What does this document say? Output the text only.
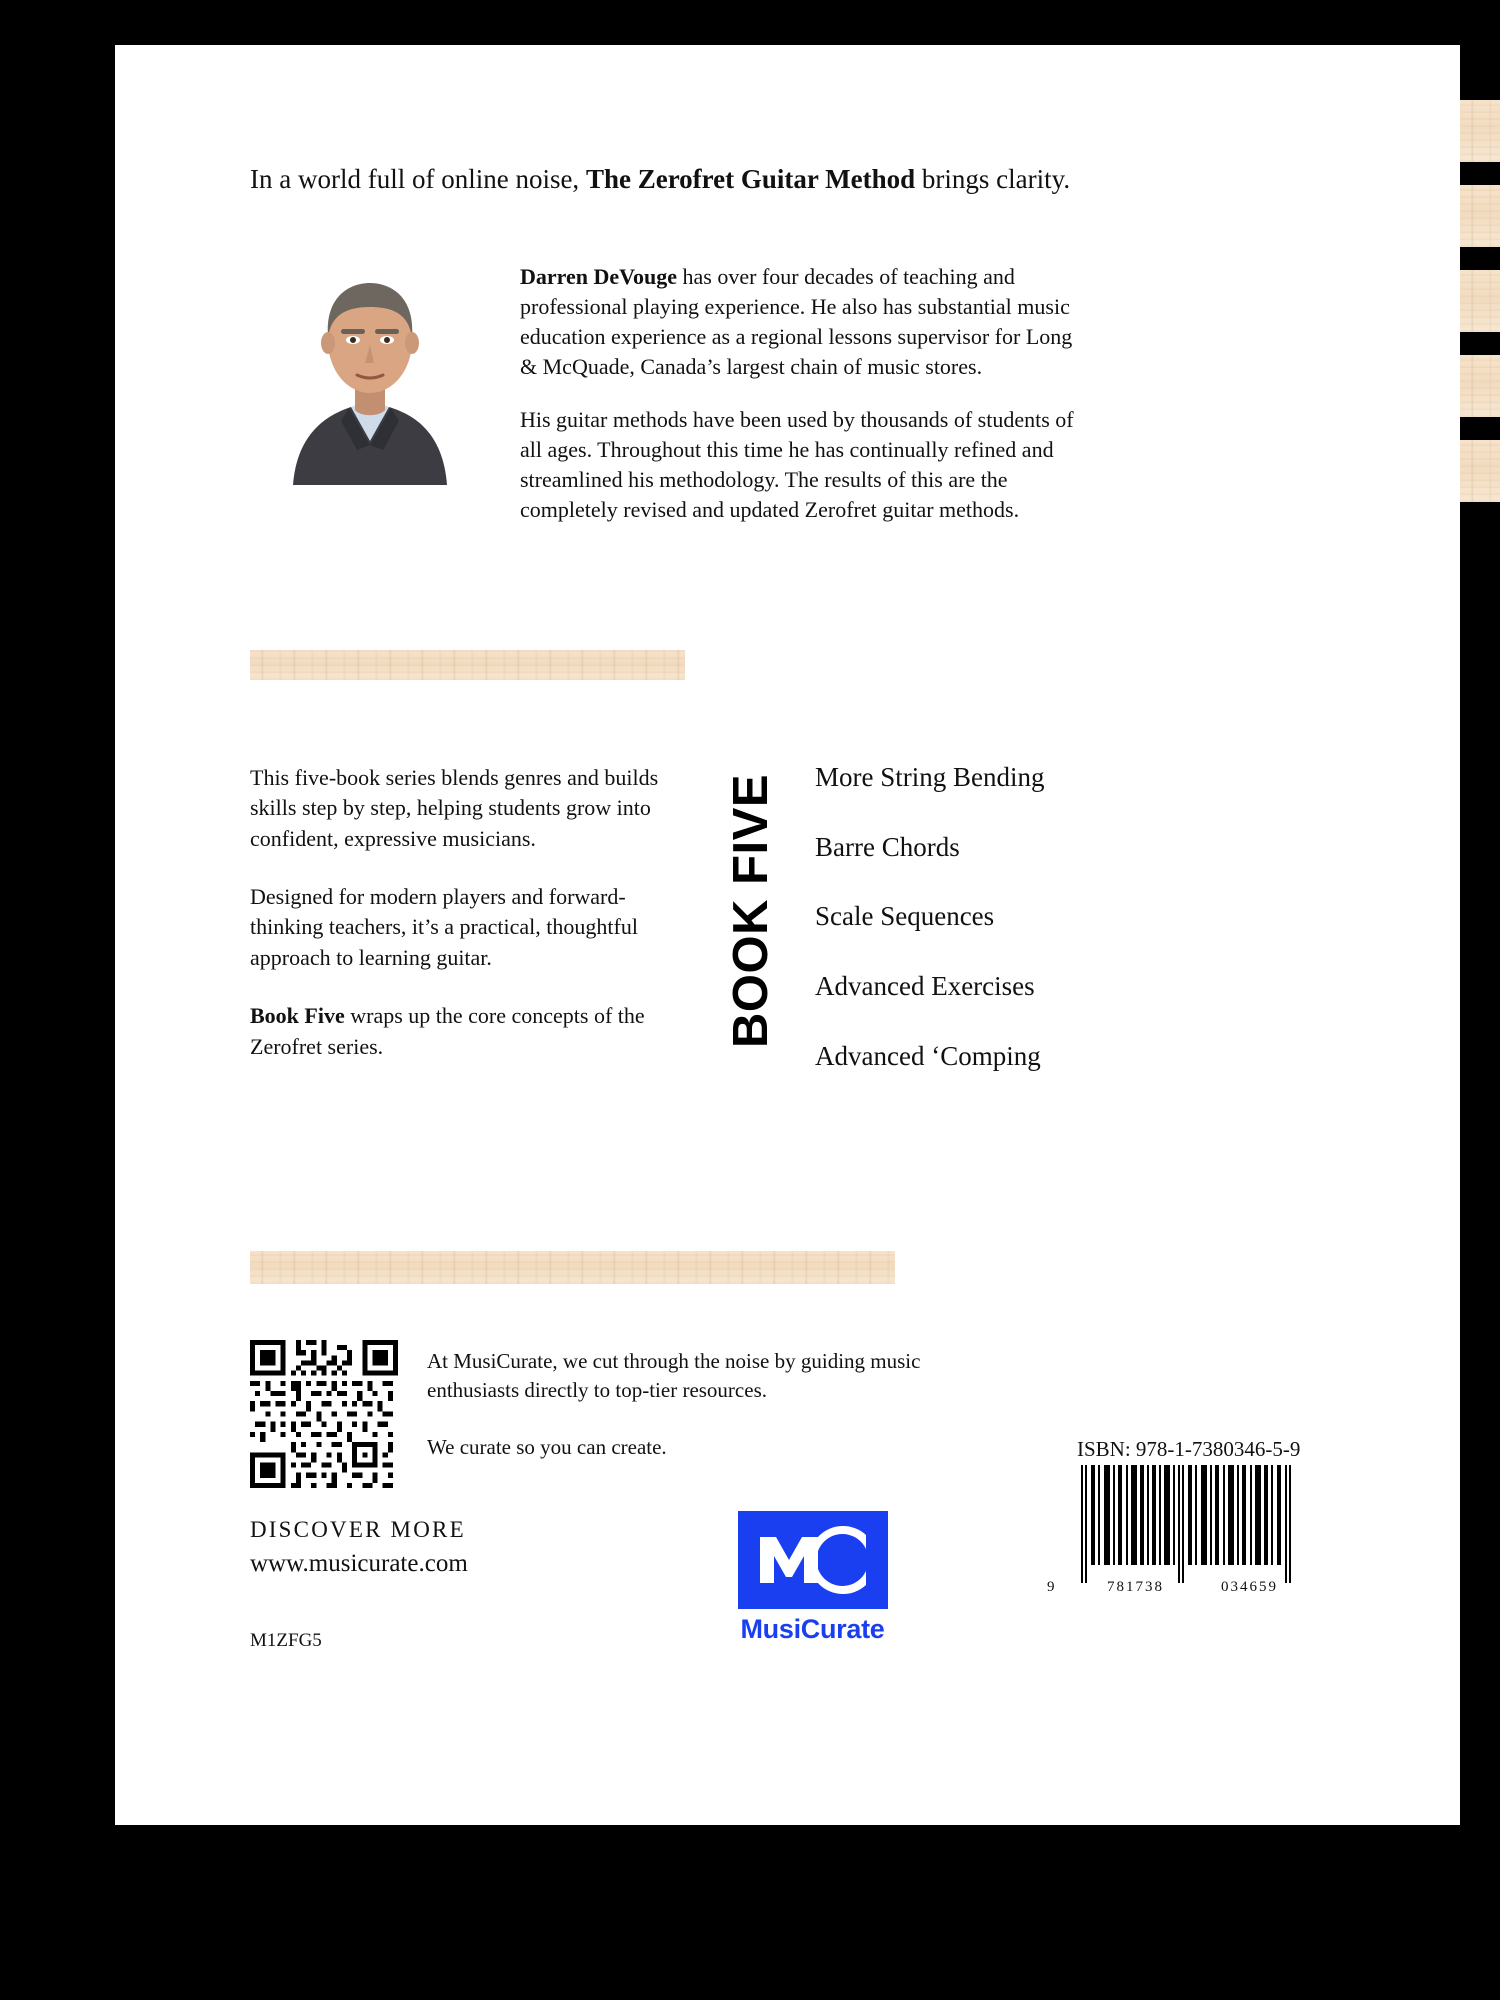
In a world full of online noise, The Zerofret Guitar Method brings clarity.

Darren DeVouge has over four decades of teaching and professional playing experience. He also has substantial music education experience as a regional lessons supervisor for Long & McQuade, Canada’s largest chain of music stores.

His guitar methods have been used by thousands of students of all ages. Throughout this time he has continually refined and streamlined his methodology. The results of this are the completely revised and updated Zerofret guitar methods.

This five-book series blends genres and builds skills step by step, helping students grow into confident, expressive musicians.

Designed for modern players and forward-thinking teachers, it’s a practical, thoughtful approach to learning guitar.

Book Five wraps up the core concepts of the Zerofret series.	BOOK FIVE	More String Bending
Barre Chords
Scale Sequences
Advanced Exercises
Advanced ‘Comping

At MusiCurate, we cut through the noise by guiding music enthusiasts directly to top-tier resources.

We curate so you can create.

DISCOVER MORE
www.musicurate.com
M1ZFG5	MusiCurate
ISBN: 978-1-7380346-5-9
9	781738	034659
